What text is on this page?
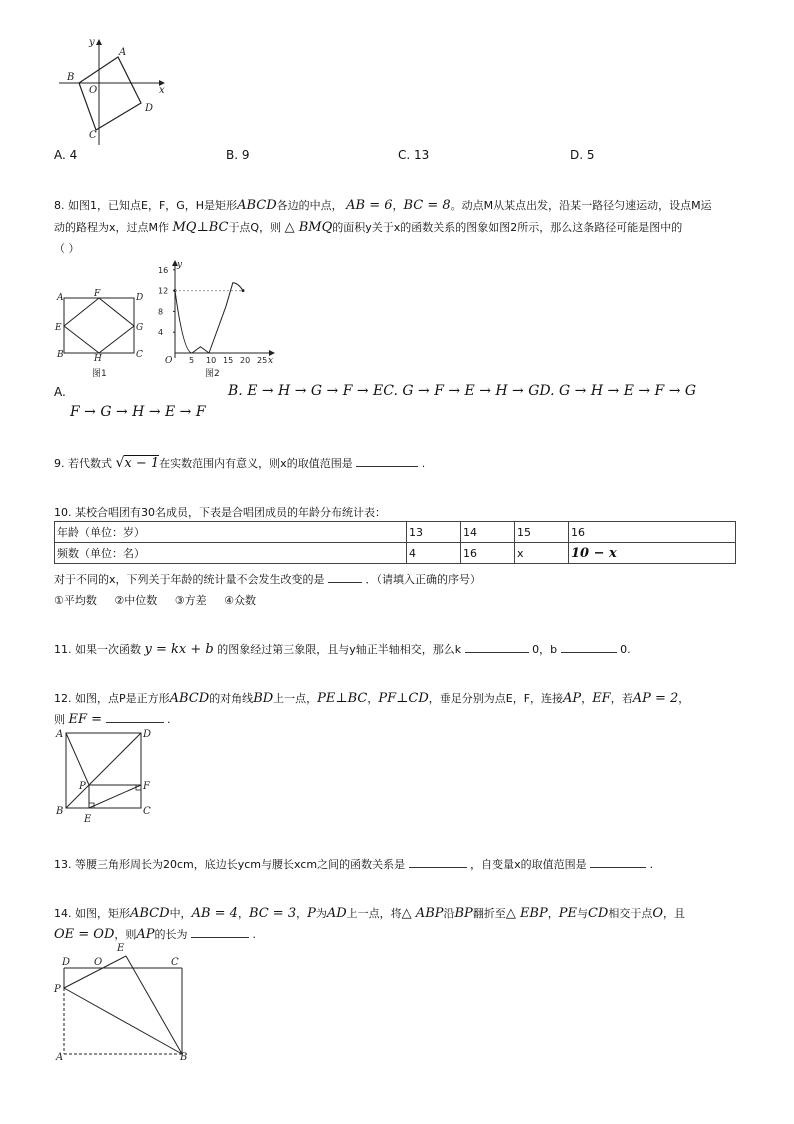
A
B
C
D
O	x
y
A. 4	B. 9	C. 13	D. 5
8. 如图1，已知点E，F，G，H是矩形ABCD各边的中点， AB = 6，BC = 8。动点M从某点出发，沿某一路径匀速运动，设点M运
动的路程为x，过点M作 MQ⊥BC于点Q，则 △ BMQ的面积y关于x的函数关系的图象如图2所示，那么这条路径可能是图中的
（ ）
A	F	D
E	G
B	H	C
图1
y
x
O
16
12
8
4
5 10 15 20 25
图2
A.	B. E → H → G → F → EC. G → F → E → H → GD. G → H → E → F → G
F → G → H → E → F
9. 若代数式 √x − 1在实数范围内有意义，则x的取值范围是	.
10. 某校合唱团有30名成员，下表是合唱团成员的年龄分布统计表：
年龄（单位：岁）	13	14	15	16
频数（单位：名）	4	16	x	10 − x
对于不同的x，下列关于年龄的统计量不会发生改变的是	．（请填入正确的序号）
①平均数 ②中位数 ③方差 ④众数
11. 如果一次函数 y = kx + b 的图象经过第三象限，且与y轴正半轴相交，那么k	0，b	0.
12. 如图，点P是正方形ABCD的对角线BD上一点，PE⊥BC，PF⊥CD，垂足分别为点E，F，连接AP，EF，若AP = 2，
则 EF =	.
A	D
B	C
P	F
E
13. 等腰三角形周长为20cm，底边长ycm与腰长xcm之间的函数关系是	，自变量x的取值范围是	.
14. 如图，矩形ABCD中，AB = 4，BC = 3，P为AD上一点，将△ ABP沿BP翻折至△ EBP，PE与CD相交于点O，且
OE = OD，则AP的长为	.
D O
E
C
P
A	B
